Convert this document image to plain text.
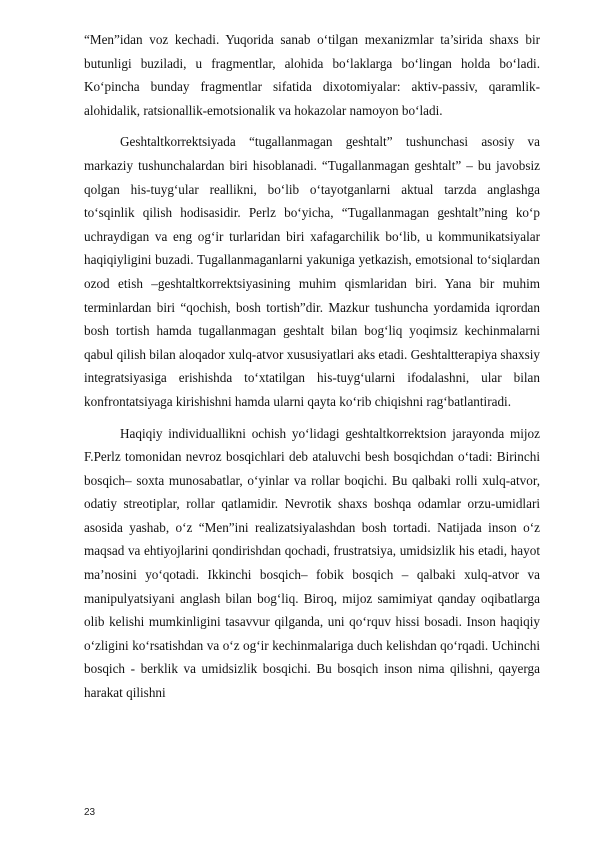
“Men”idan voz kechadi. Yuqorida sanab o‘tilgan mexanizmlar ta’sirida shaxs bir butunligi buziladi, u fragmentlar, alohida bo‘laklarga bo‘lingan holda bo‘ladi. Ko‘pincha bunday fragmentlar sifatida dixotomiyalar: aktiv-passiv, qaramlik-alohidalik, ratsionallik-emotsionalik va hokazolar namoyon bo‘ladi.

Geshtaltkorrektsiyada “tugallanmagan geshtalt” tushunchasi asosiy va markaziy tushunchalardan biri hisoblanadi. “Tugallanmagan geshtalt” – bu javobsiz qolgan his-tuyg‘ular reallikni, bo‘lib o‘tayotganlarni aktual tarzda anglashga to‘sqinlik qilish hodisasidir. Perlz bo‘yicha, “Tugallanmagan geshtalt”ning ko‘p uchraydigan va eng og‘ir turlaridan biri xafagarchilik bo‘lib, u kommunikatsiyalar haqiqiyligini buzadi. Tugallanmaganlarni yakuniga yetkazish, emotsional to‘siqlardan ozod etish –geshtaltkorrektsiyasining muhim qismlaridan biri. Yana bir muhim terminlardan biri “qochish, bosh tortish”dir. Mazkur tushuncha yordamida iqrordan bosh tortish hamda tugallanmagan geshtalt bilan bog‘liq yoqimsiz kechinmalarni qabul qilish bilan aloqador xulq-atvor xususiyatlari aks etadi. Geshtaltterapiya shaxsiy integratsiyasiga erishishda to‘xtatilgan his-tuyg‘ularni ifodalashni, ular bilan konfrontatsiyaga kirishishni hamda ularni qayta ko‘rib chiqishni rag‘batlantiradi.

Haqiqiy individuallikni ochish yo‘lidagi geshtaltkorrektsion jarayonda mijoz F.Perlz tomonidan nevroz bosqichlari deb ataluvchi besh bosqichdan o‘tadi: Birinchi bosqich– soxta munosabatlar, o‘yinlar va rollar boqichi. Bu qalbaki rolli xulq-atvor, odatiy streotiplar, rollar qatlamidir. Nevrotik shaxs boshqa odamlar orzu-umidlari asosida yashab, o‘z “Men”ini realizatsiyalashdan bosh tortadi. Natijada inson o‘z maqsad va ehtiyojlarini qondirishdan qochadi, frustratsiya, umidsizlik his etadi, hayot ma’nosini yo‘qotadi. Ikkinchi bosqich– fobik bosqich – qalbaki xulq-atvor va manipulyatsiyani anglash bilan bog‘liq. Biroq, mijoz samimiyat qanday oqibatlarga olib kelishi mumkinligini tasavvur qilganda, uni qo‘rquv hissi bosadi. Inson haqiqiy o‘zligini ko‘rsatishdan va o‘z og‘ir kechinmalariga duch kelishdan qo‘rqadi. Uchinchi bosqich - berklik va umidsizlik bosqichi. Bu bosqich inson nima qilishni, qayerga harakat qilishni

23
